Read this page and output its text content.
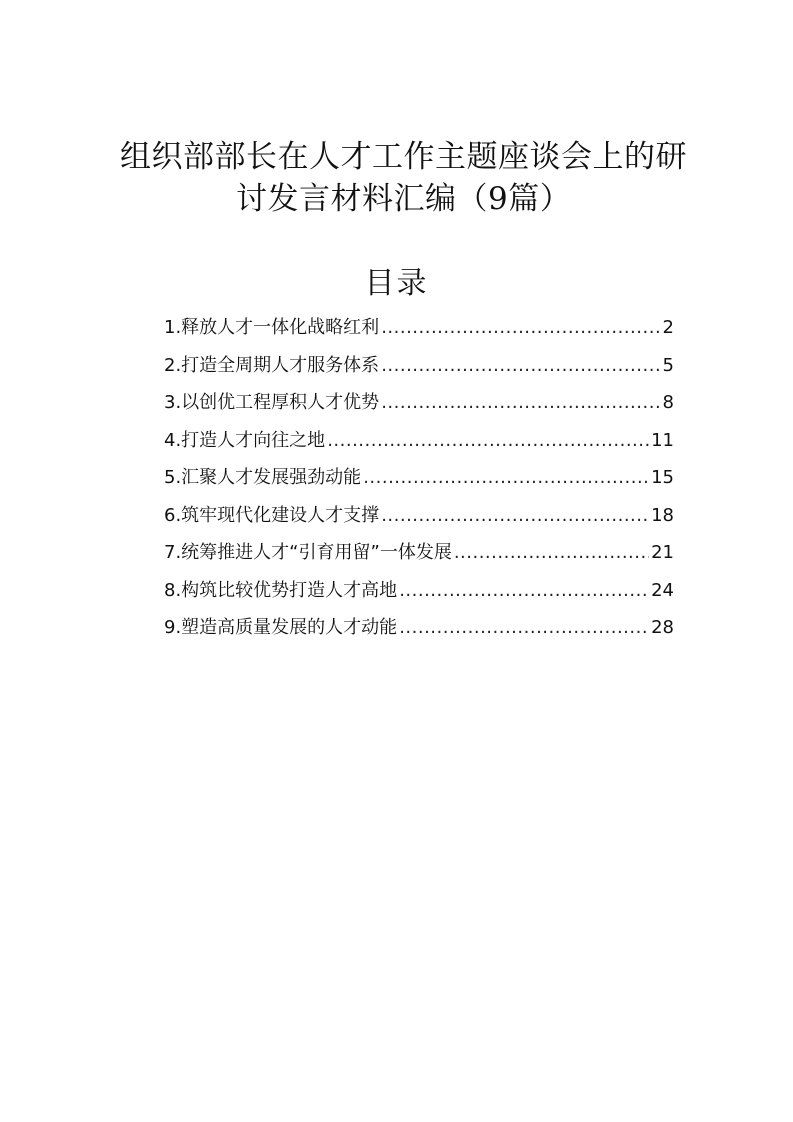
组织部部长在人才工作主题座谈会上的研
讨发言材料汇编（9篇）
目录
1.释放人才一体化战略红利 .....	2
2.打造全周期人才服务体系 .....	5
3.以创优工程厚积人才优势 .....	8
4.打造人才向往之地 .....	11
5.汇聚人才发展强劲动能 .....	15
6.筑牢现代化建设人才支撑 .....	18
7.统筹推进人才“引育用留”一体发展 .....	21
8.构筑比较优势打造人才高地 .....	24
9.塑造高质量发展的人才动能 .....	28
